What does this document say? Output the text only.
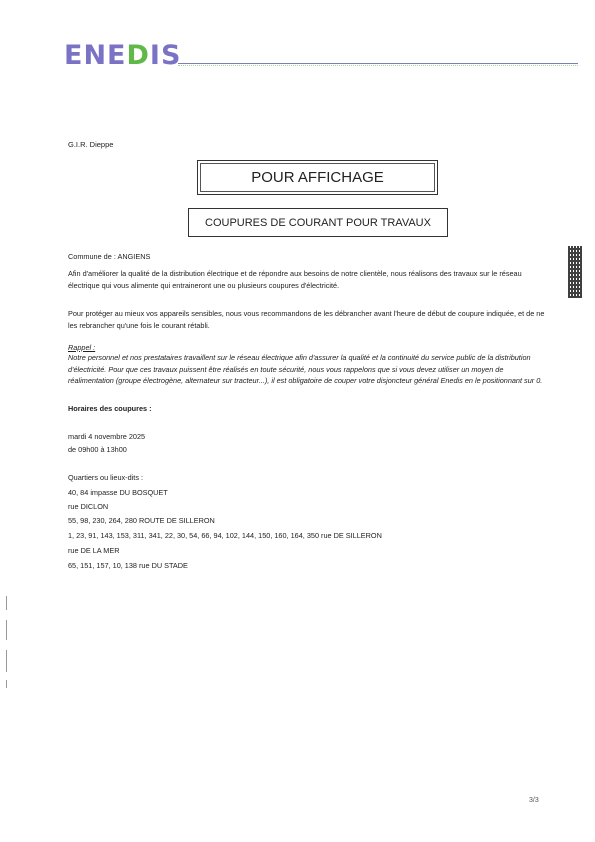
ENEDIS
G.I.R. Dieppe
POUR AFFICHAGE
COUPURES DE COURANT POUR TRAVAUX
Commune de : ANGIENS
Afin d'améliorer la qualité de la distribution électrique et de répondre aux besoins de notre clientèle, nous réalisons des travaux sur le réseau électrique qui vous alimente qui entraineront une ou plusieurs coupures d'électricité.
Pour protéger au mieux vos appareils sensibles, nous vous recommandons de les débrancher avant l'heure de début de coupure indiquée, et de ne les rebrancher qu'une fois le courant rétabli.
Rappel :
Notre personnel et nos prestataires travaillent sur le réseau électrique afin d'assurer la qualité et la continuité du service public de la distribution d'électricité. Pour que ces travaux puissent être réalisés en toute sécurité, nous vous rappelons que si vous devez utiliser un moyen de réalimentation (groupe électrogène, alternateur sur tracteur...), il est obligatoire de couper votre disjoncteur général Enedis en le positionnant sur 0.
Horaires des coupures :
mardi 4 novembre 2025
de 09h00 à 13h00
Quartiers ou lieux-dits :
40, 84 impasse DU BOSQUET
rue DICLON
55, 98, 230, 264, 280 ROUTE DE SILLERON
1, 23, 91, 143, 153, 311, 341, 22, 30, 54, 66, 94, 102, 144, 150, 160, 164, 350 rue DE SILLERON
rue DE LA MER
65, 151, 157, 10, 138 rue DU STADE
3/3
